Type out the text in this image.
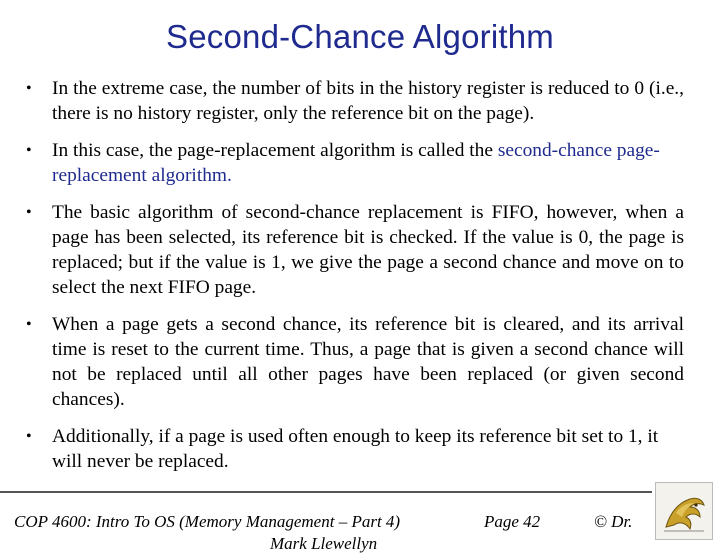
Second-Chance Algorithm
• In the extreme case, the number of bits in the history register is reduced to 0 (i.e., there is no history register, only the reference bit on the page).
• In this case, the page-replacement algorithm is called the second-chance page-replacement algorithm.
• The basic algorithm of second-chance replacement is FIFO, however, when a page has been selected, its reference bit is checked. If the value is 0, the page is replaced; but if the value is 1, we give the page a second chance and move on to select the next FIFO page.
• When a page gets a second chance, its reference bit is cleared, and its arrival time is reset to the current time. Thus, a page that is given a second chance will not be replaced until all other pages have been replaced (or given second chances).
• Additionally, if a page is used often enough to keep its reference bit set to 1, it will never be replaced.
COP 4600: Intro To OS (Memory Management – Part 4)	Page 42	© Dr.
Mark Llewellyn
